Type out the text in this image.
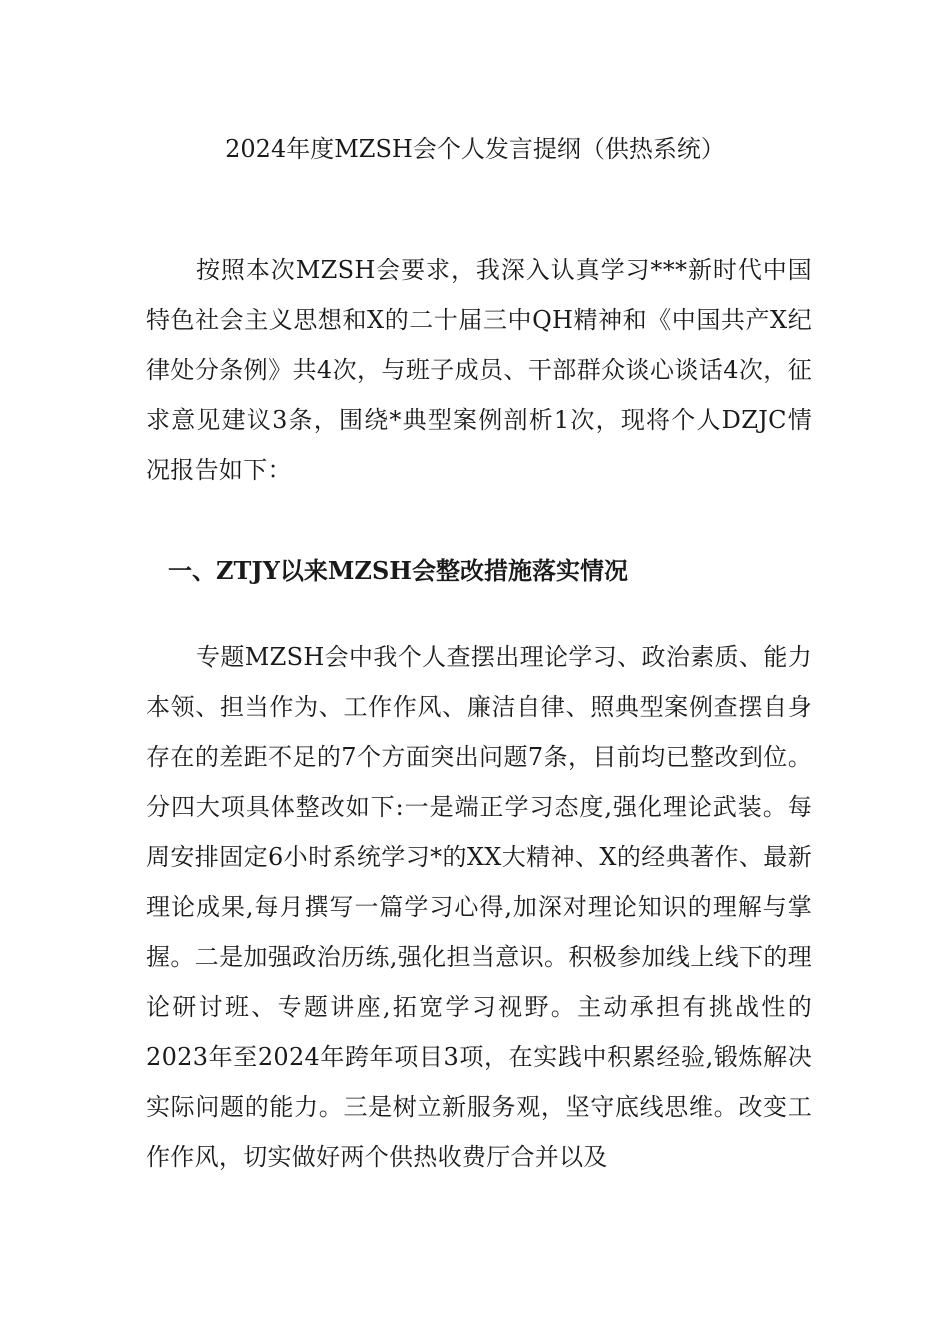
2024年度MZSH会个人发言提纲（供热系统）

按照本次MZSH会要求，我深入认真学习***新时代中国特色社会主义思想和X的二十届三中QH精神和《中国共产X纪律处分条例》共4次，与班子成员、干部群众谈心谈话4次，征求意见建议3条，围绕*典型案例剖析1次，现将个人DZJC情况报告如下：

一、ZTJY以来MZSH会整改措施落实情况

专题MZSH会中我个人查摆出理论学习、政治素质、能力本领、担当作为、工作作风、廉洁自律、照典型案例查摆自身存在的差距不足的7个方面突出问题7条，目前均已整改到位。分四大项具体整改如下:一是端正学习态度,强化理论武装。每周安排固定6小时系统学习*的XX大精神、X的经典著作、最新理论成果,每月撰写一篇学习心得,加深对理论知识的理解与掌握。二是加强政治历练,强化担当意识。积极参加线上线下的理论研讨班、专题讲座,拓宽学习视野。主动承担有挑战性的2023年至2024年跨年项目3项，在实践中积累经验,锻炼解决实际问题的能力。三是树立新服务观，坚守底线思维。改变工作作风，切实做好两个供热收费厅合并以及
